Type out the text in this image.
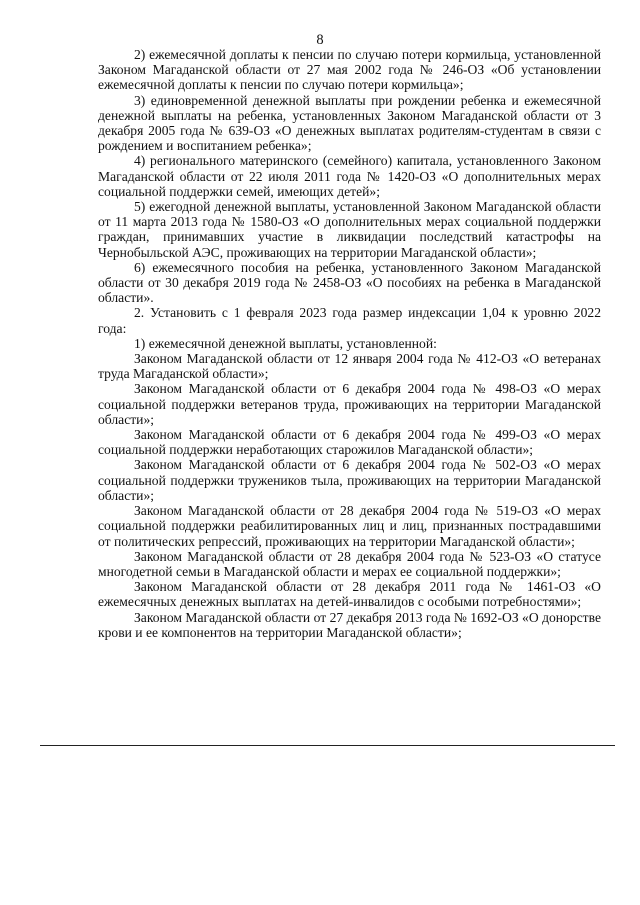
8

2) ежемесячной доплаты к пенсии по случаю потери кормильца, установленной Законом Магаданской области от 27 мая 2002 года № 246-ОЗ «Об установлении ежемесячной доплаты к пенсии по случаю потери кормильца»;

3) единовременной денежной выплаты при рождении ребенка и ежемесячной денежной выплаты на ребенка, установленных Законом Магаданской области от 3 декабря 2005 года № 639-ОЗ «О денежных выплатах родителям-студентам в связи с рождением и воспитанием ребенка»;

4) регионального материнского (семейного) капитала, установленного Законом Магаданской области от 22 июля 2011 года № 1420-ОЗ «О дополнительных мерах социальной поддержки семей, имеющих детей»;

5) ежегодной денежной выплаты, установленной Законом Магаданской области от 11 марта 2013 года № 1580-ОЗ «О дополнительных мерах социальной поддержки граждан, принимавших участие в ликвидации последствий катастрофы на Чернобыльской АЭС, проживающих на территории Магаданской области»;

6) ежемесячного пособия на ребенка, установленного Законом Магаданской области от 30 декабря 2019 года № 2458-ОЗ «О пособиях на ребенка в Магаданской области».

2. Установить с 1 февраля 2023 года размер индексации 1,04 к уровню 2022 года:

1) ежемесячной денежной выплаты, установленной:

Законом Магаданской области от 12 января 2004 года № 412-ОЗ «О ветеранах труда Магаданской области»;

Законом Магаданской области от 6 декабря 2004 года № 498-ОЗ «О мерах социальной поддержки ветеранов труда, проживающих на территории Магаданской области»;

Законом Магаданской области от 6 декабря 2004 года № 499-ОЗ «О мерах социальной поддержки неработающих старожилов Магаданской области»;

Законом Магаданской области от 6 декабря 2004 года № 502-ОЗ «О мерах социальной поддержки тружеников тыла, проживающих на территории Магаданской области»;

Законом Магаданской области от 28 декабря 2004 года № 519-ОЗ «О мерах социальной поддержки реабилитированных лиц и лиц, признанных пострадавшими от политических репрессий, проживающих на территории Магаданской области»;

Законом Магаданской области от 28 декабря 2004 года № 523-ОЗ «О статусе многодетной семьи в Магаданской области и мерах ее социальной поддержки»;

Законом Магаданской области от 28 декабря 2011 года № 1461-ОЗ «О ежемесячных денежных выплатах на детей-инвалидов с особыми потребностями»;

Законом Магаданской области от 27 декабря 2013 года № 1692-ОЗ «О донорстве крови и ее компонентов на территории Магаданской области»;
